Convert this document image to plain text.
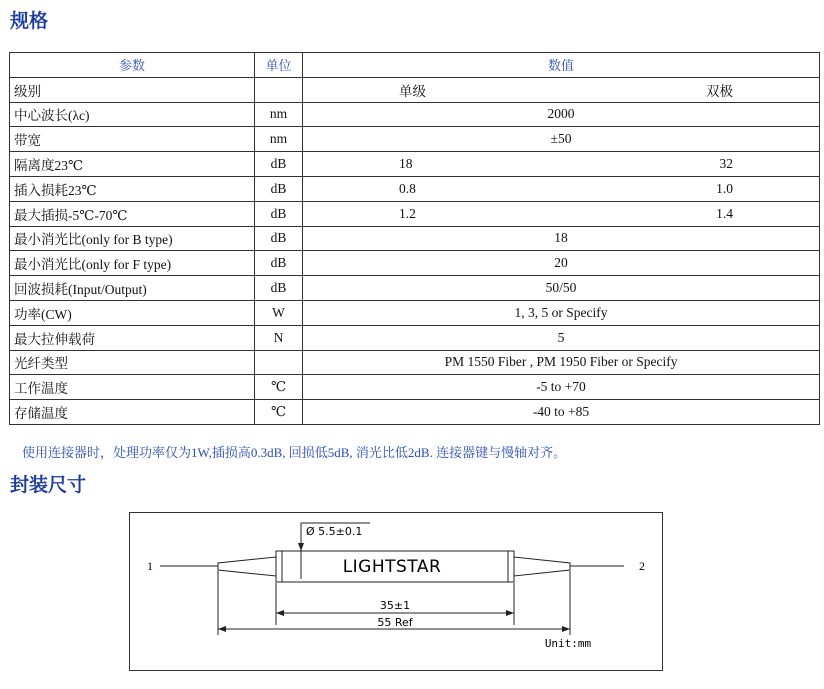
规格
参数	单位	数值
级别		单级 双极

中心波长(λc)	nm	2000
带宽	nm	±50
隔离度23℃	dB	18 32

插入损耗23℃	dB	0.8 1.0

最大插损-5℃-70℃	dB	1.2 1.4

最小消光比(only for B type)	dB	18
最小消光比(only for F type)	dB	20
回波损耗(Input/Output)	dB	50/50
功率(CW)	W	1, 3, 5 or Specify
最大拉伸载荷	N	5
光纤类型		PM 1550 Fiber , PM 1950 Fiber or Specify
工作温度	℃	-5 to +70
存储温度	℃	-40 to +85
使用连接器时，处理功率仅为1W,插损高0.3dB, 回损低5dB, 消光比低2dB. 连接器键与慢轴对齐。
封装尺寸
1	2
Ø 5.5±0.1
LIGHTSTAR
35±1
55 Ref
Unit:mm
